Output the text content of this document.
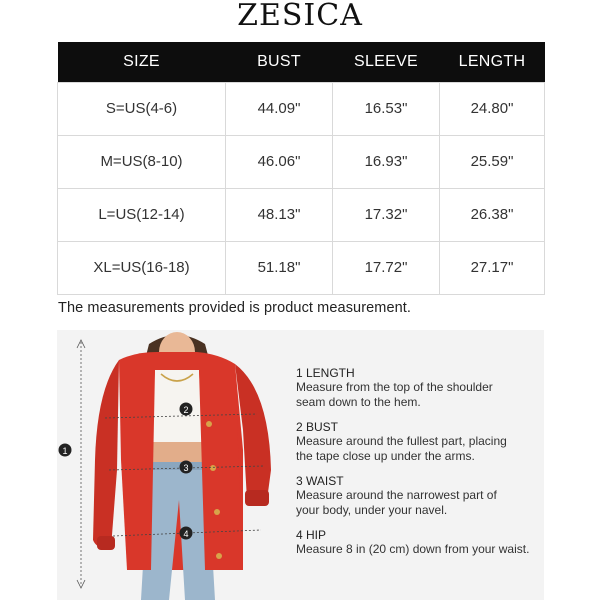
ZESICA
SIZE	BUST	SLEEVE	LENGTH
S=US(4-6)	44.09"	16.53"	24.80"
M=US(8-10)	46.06"	16.93"	25.59"
L=US(12-14)	48.13"	17.32"	26.38"
XL=US(16-18)	51.18"	17.72"	27.17"
The measurements provided is product measurement.
1
2
3
4
1 LENGTH
Measure from the top of the shoulder
seam down to the hem.
2 BUST
Measure around the fullest part, placing
the tape close up under the arms.
3 WAIST
Measure around the narrowest part of
your body, under your navel.
4 HIP
Measure 8 in (20 cm) down from your waist.
